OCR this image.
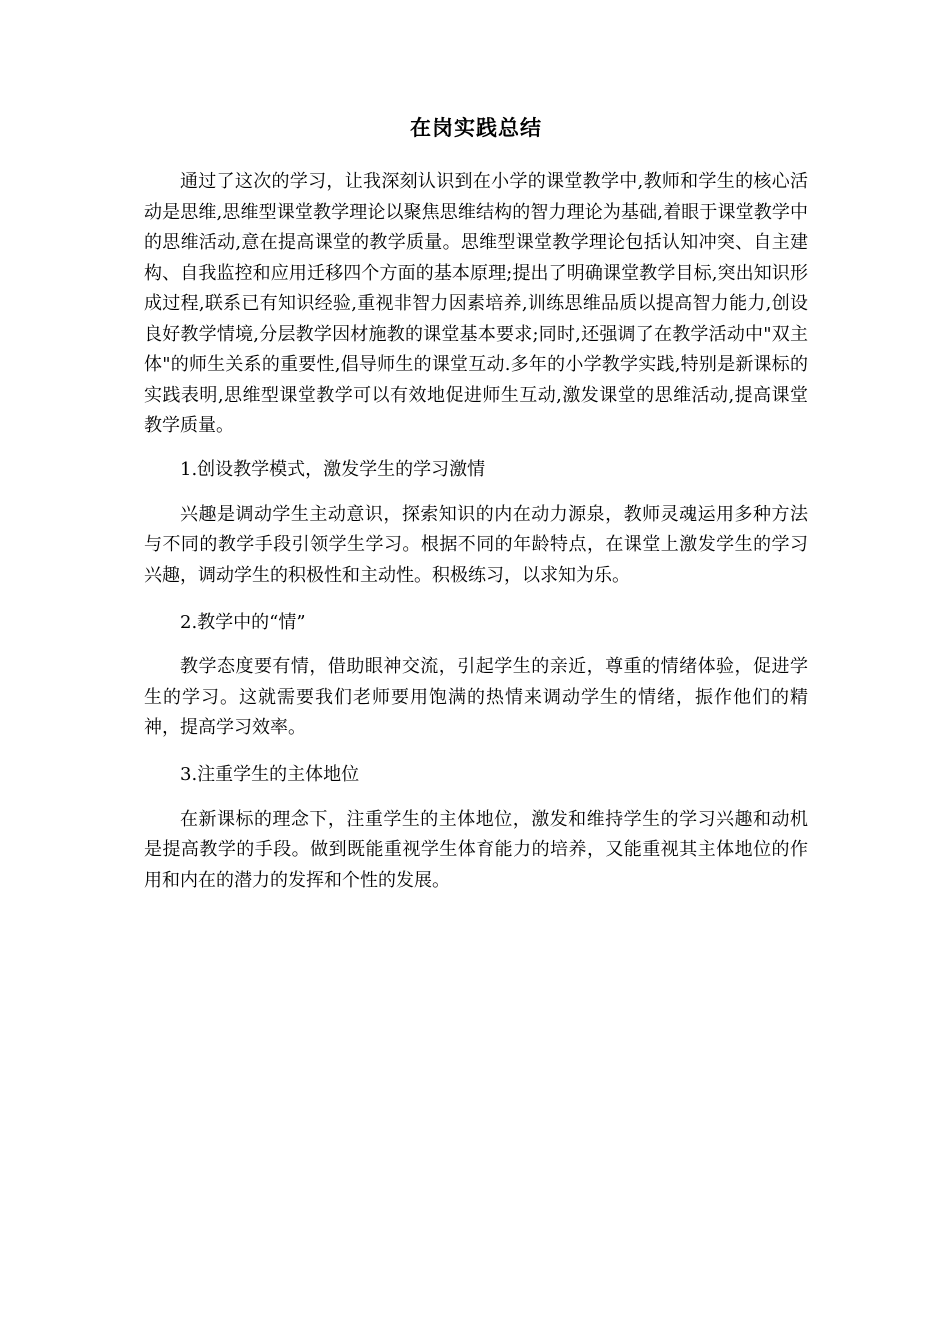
在岗实践总结

通过了这次的学习，让我深刻认识到在小学的课堂教学中,教师和学生的核心活动是思维,思维型课堂教学理论以聚焦思维结构的智力理论为基础,着眼于课堂教学中的思维活动,意在提高课堂的教学质量。思维型课堂教学理论包括认知冲突、自主建构、自我监控和应用迁移四个方面的基本原理;提出了明确课堂教学目标,突出知识形成过程,联系已有知识经验,重视非智力因素培养,训练思维品质以提高智力能力,创设良好教学情境,分层教学因材施教的课堂基本要求;同时,还强调了在教学活动中"双主体"的师生关系的重要性,倡导师生的课堂互动.多年的小学教学实践,特别是新课标的实践表明,思维型课堂教学可以有效地促进师生互动,激发课堂的思维活动,提高课堂教学质量。

1.创设教学模式，激发学生的学习激情

兴趣是调动学生主动意识，探索知识的内在动力源泉，教师灵魂运用多种方法与不同的教学手段引领学生学习。根据不同的年龄特点，在课堂上激发学生的学习兴趣，调动学生的积极性和主动性。积极练习，以求知为乐。

2.教学中的“情”

教学态度要有情，借助眼神交流，引起学生的亲近，尊重的情绪体验，促进学生的学习。这就需要我们老师要用饱满的热情来调动学生的情绪，振作他们的精神，提高学习效率。

3.注重学生的主体地位

在新课标的理念下，注重学生的主体地位，激发和维持学生的学习兴趣和动机是提高教学的手段。做到既能重视学生体育能力的培养，又能重视其主体地位的作用和内在的潜力的发挥和个性的发展。
